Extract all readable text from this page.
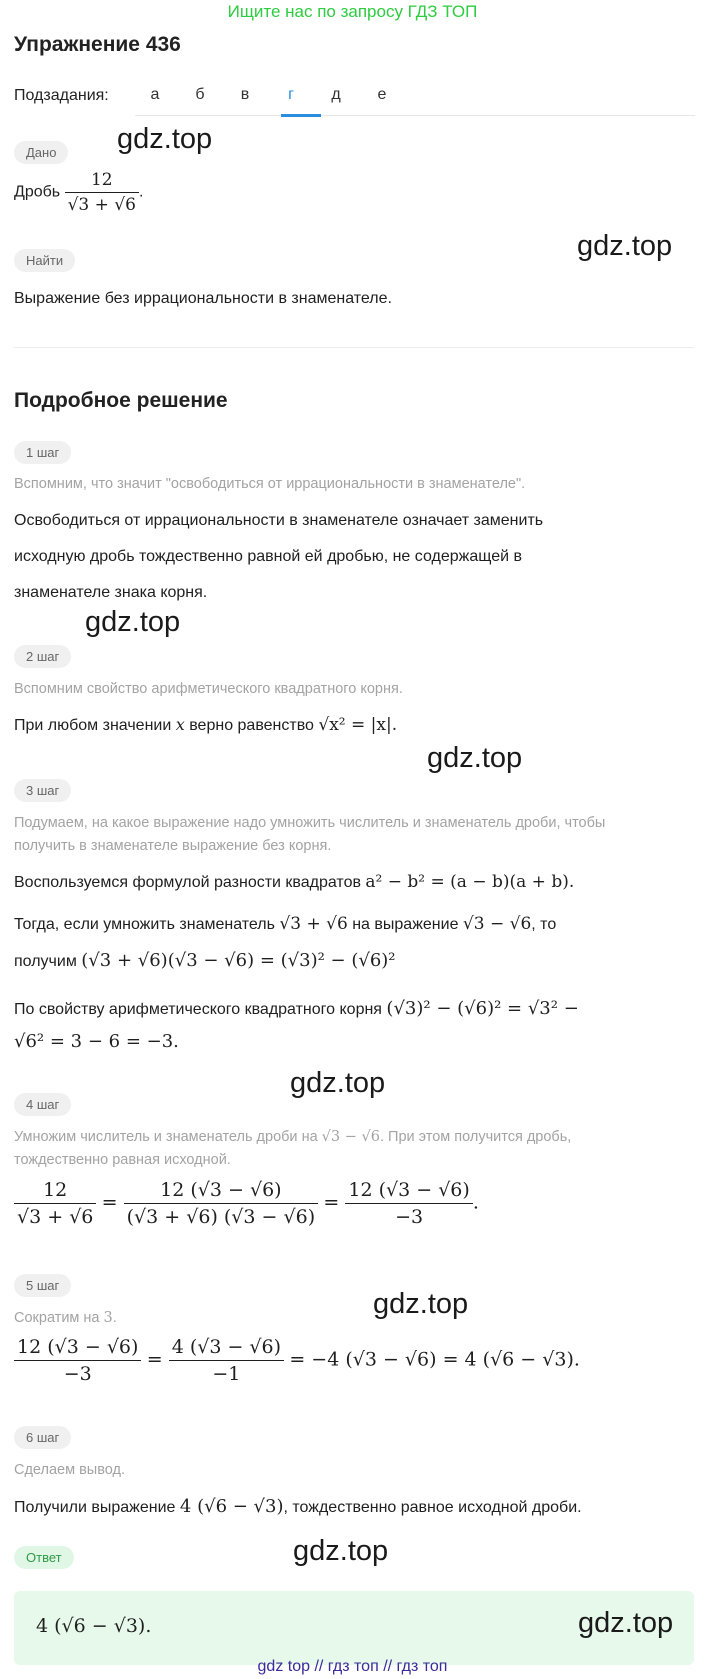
Ищите нас по запросу ГДЗ ТОП
Упражнение 436
Подзадания:	а	б	в	г	д	е
Дано	gdz.top
Дробь $\frac{12}{√3 + √6}$ .
gdz.top
Найти
Выражение без иррациональности в знаменателе.
Подробное решение
1 шаг
Вспомним, что значит "освободиться от иррациональности в знаменателе".
Освободиться от иррациональности в знаменателе означает заменить
исходную дробь тождественно равной ей дробью, не содержащей в
знаменателе знака корня.
gdz.top
2 шаг
Вспомним свойство арифметического квадратного корня.
При любом значении x верно равенство √x² = |x|.
gdz.top
3 шаг
Подумаем, на какое выражение надо умножить числитель и знаменатель дроби, чтобы
получить в знаменателе выражение без корня.
Воспользуемся формулой разности квадратов a² − b² = (a − b)(a + b).
Тогда, если умножить знаменатель √3 + √6 на выражение √3 − √6, то
получим (√3 + √6)(√3 − √6) = (√3)² − (√6)²
По свойству арифметического квадратного корня (√3)² − (√6)² = √3² −
√6² = 3 − 6 = −3.
gdz.top
4 шаг
Умножим числитель и знаменатель дроби на √3 − √6. При этом получится дробь,
тождественно равная исходной.
$\frac{12}{√3 + √6} = \frac{12 (√3 - √6)}{(√3 + √6) (√3 - √6)} = \frac{12 (√3 - √6)}{-3}$ .
5 шаг
gdz.top
Сократим на 3.
$\frac{12 (√3 - √6)}{-3} = \frac{4 (√3 - √6)}{-1} = -4$ (√3 − √6) = 4 (√6 − √3).
6 шаг
Сделаем вывод.
Получили выражение 4 (√6 − √3), тождественно равное исходной дроби.
Ответ	gdz.top
4 (√6 − √3).	gdz.top
gdz top // гдз топ // гдз топ
